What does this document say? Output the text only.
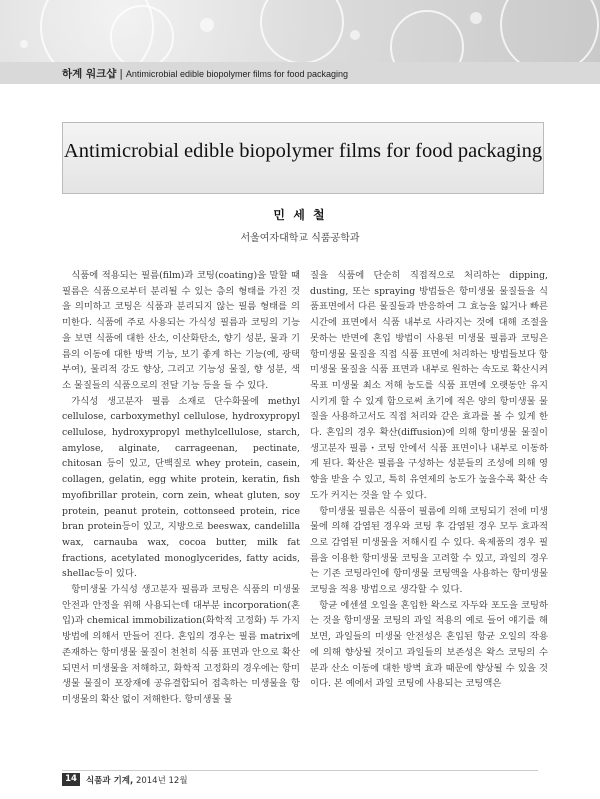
하계 워크샵 | Antimicrobial edible biopolymer films for food packaging
Antimicrobial edible biopolymer films for food packaging
민 세 철
서울여자대학교 식품공학과

식품에 적용되는 필름(film)과 코팅(coating)을 말할 때 필름은 식품으로부터 분리될 수 있는 층의 형태를 가진 것을 의미하고 코팅은 식품과 분리되지 않는 필름 형태를 의미한다. 식품에 주로 사용되는 가식성 필름과 코팅의 기능을 보면 식품에 대한 산소, 이산화탄소, 향기 성분, 물과 기름의 이동에 대한 방벽 기능, 보기 좋게 하는 기능(예, 광택 부여), 물리적 강도 향상, 그리고 기능성 물질, 향 성분, 색소 물질들의 식품으로의 전달 기능 등을 들 수 있다.

가식성 생고분자 필름 소재로 단수화물에 methyl cellulose, carboxymethyl cellulose, hydroxypropyl cellulose, hydroxypropyl methylcellulose, starch, amylose, alginate, carrageenan, pectinate, chitosan 등이 있고, 단백질로 whey protein, casein, collagen, gelatin, egg white protein, keratin, fish myofibrillar protein, corn zein, wheat gluten, soy protein, peanut protein, cottonseed protein, rice bran protein등이 있고, 지방으로 beeswax, candelilla wax, carnauba wax, cocoa butter, milk fat fractions, acetylated monoglycerides, fatty acids, shellac등이 있다.

항미생물 가식성 생고분자 필름과 코팅은 식품의 미생물 안전과 안정을 위해 사용되는데 대부분 incorporation(혼입)과 chemical immobilization(화학적 고정화) 두 가지 방법에 의해서 만들어 진다. 혼입의 경우는 필름 matrix에 존재하는 항미생물 물질이 천천히 식품 표면과 안으로 확산되면서 미생물을 저해하고, 화학적 고정화의 경우에는 항미생물 물질이 포장재에 공유결합되어 접촉하는 미생물을 항미생물의 확산 없이 저해한다. 항미생물 물

질을 식품에 단순히 직접적으로 처리하는 dipping, dusting, 또는 spraying 방법들은 항미생물 물질들을 식품표면에서 다른 물질들과 반응하여 그 효능을 잃거나 빠른 시간에 표면에서 식품 내부로 사라지는 것에 대해 조절을 못하는 반면에 혼입 방법이 사용된 미생물 필름과 코팅은 항미생물 물질을 직접 식품 표면에 처리하는 방법들보다 항미생물 물질을 식품 표면과 내부로 원하는 속도로 확산시켜 목표 미생물 최소 저해 농도를 식품 표면에 오랫동안 유지시키게 할 수 있게 함으로써 초기에 적은 양의 항미생물 물질을 사용하고서도 직접 처리와 같은 효과를 볼 수 있게 한다. 혼입의 경우 확산(diffusion)에 의해 항미생물 물질이 생고분자 필름・코팅 안에서 식품 표면이나 내부로 이동하게 된다. 확산은 필름을 구성하는 성분들의 조성에 의해 영향을 받을 수 있고, 특히 유연제의 농도가 높을수록 확산 속도가 커지는 것을 알 수 있다.

항미생물 필름은 식품이 필름에 의해 코팅되기 전에 미생물에 의해 감염된 경우와 코팅 후 감염된 경우 모두 효과적으로 감염된 미생물을 저해시킬 수 있다. 육제품의 경우 필름을 이용한 항미생물 코팅을 고려할 수 있고, 과일의 경우는 기존 코팅라인에 항미생물 코팅액을 사용하는 항미생물 코팅을 적용 방법으로 생각할 수 있다.

항균 에센셜 오일을 혼입한 왁스로 자두와 포도을 코팅하는 것을 항미생물 코팅의 과일 적용의 예로 들어 얘기를 해보면, 과일들의 미생물 안전성은 혼입된 항균 오일의 작용에 의해 향상될 것이고 과일들의 보존성은 왁스 코팅의 수분과 산소 이동에 대한 방벽 효과 때문에 향상될 수 있을 것이다. 본 예에서 과일 코팅에 사용되는 코팅액은

14	식품과 기계, 2014년 12월
